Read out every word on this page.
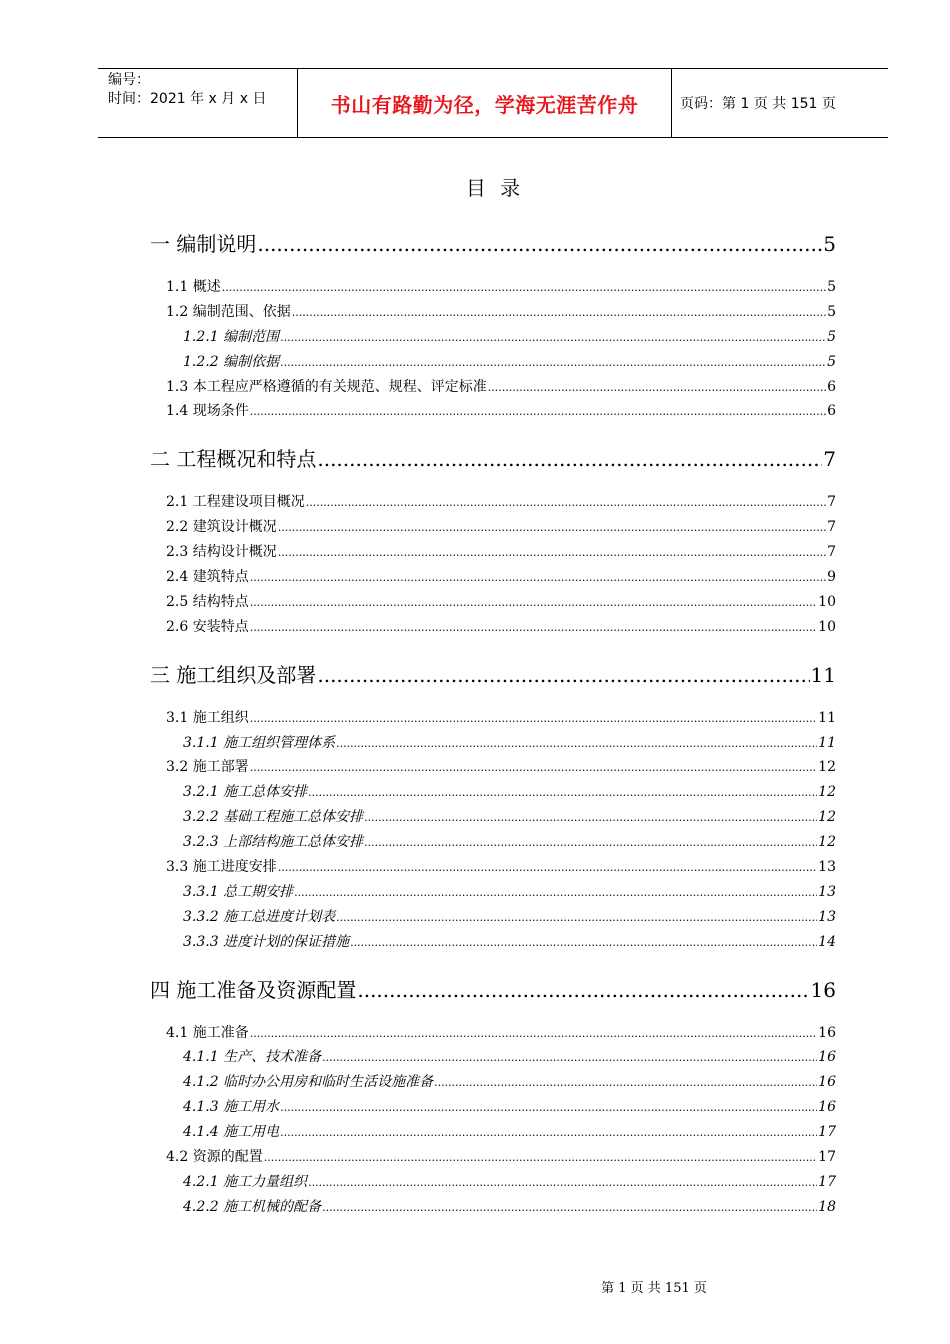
编号：
时间：2021 年 x 月 x 日	书山有路勤为径，学海无涯苦作舟	页码：第 1 页 共 151 页
目 录
一 编制说明 .....	5
1.1 概述 .....	5
1.2 编制范围、依据 .....	5
1.2.1 编制范围 .....	5
1.2.2 编制依据 .....	5
1.3 本工程应严格遵循的有关规范、规程、评定标准 .....	6
1.4 现场条件 .....	6
二 工程概况和特点 .....	7
2.1 工程建设项目概况 .....	7
2.2 建筑设计概况 .....	7
2.3 结构设计概况 .....	7
2.4 建筑特点 .....	9
2.5 结构特点 .....	10
2.6 安装特点 .....	10
三 施工组织及部署 .....	11
3.1 施工组织 .....	11
3.1.1 施工组织管理体系 .....	11
3.2 施工部署 .....	12
3.2.1 施工总体安排 .....	12
3.2.2 基础工程施工总体安排 .....	12
3.2.3 上部结构施工总体安排 .....	12
3.3 施工进度安排 .....	13
3.3.1 总工期安排 .....	13
3.3.2 施工总进度计划表 .....	13
3.3.3 进度计划的保证措施 .....	14
四 施工准备及资源配置 .....	16
4.1 施工准备 .....	16
4.1.1 生产、技术准备 .....	16
4.1.2 临时办公用房和临时生活设施准备 .....	16
4.1.3 施工用水 .....	16
4.1.4 施工用电 .....	17
4.2 资源的配置 .....	17
4.2.1 施工力量组织 .....	17
4.2.2 施工机械的配备 .....	18
第 1 页 共 151 页
